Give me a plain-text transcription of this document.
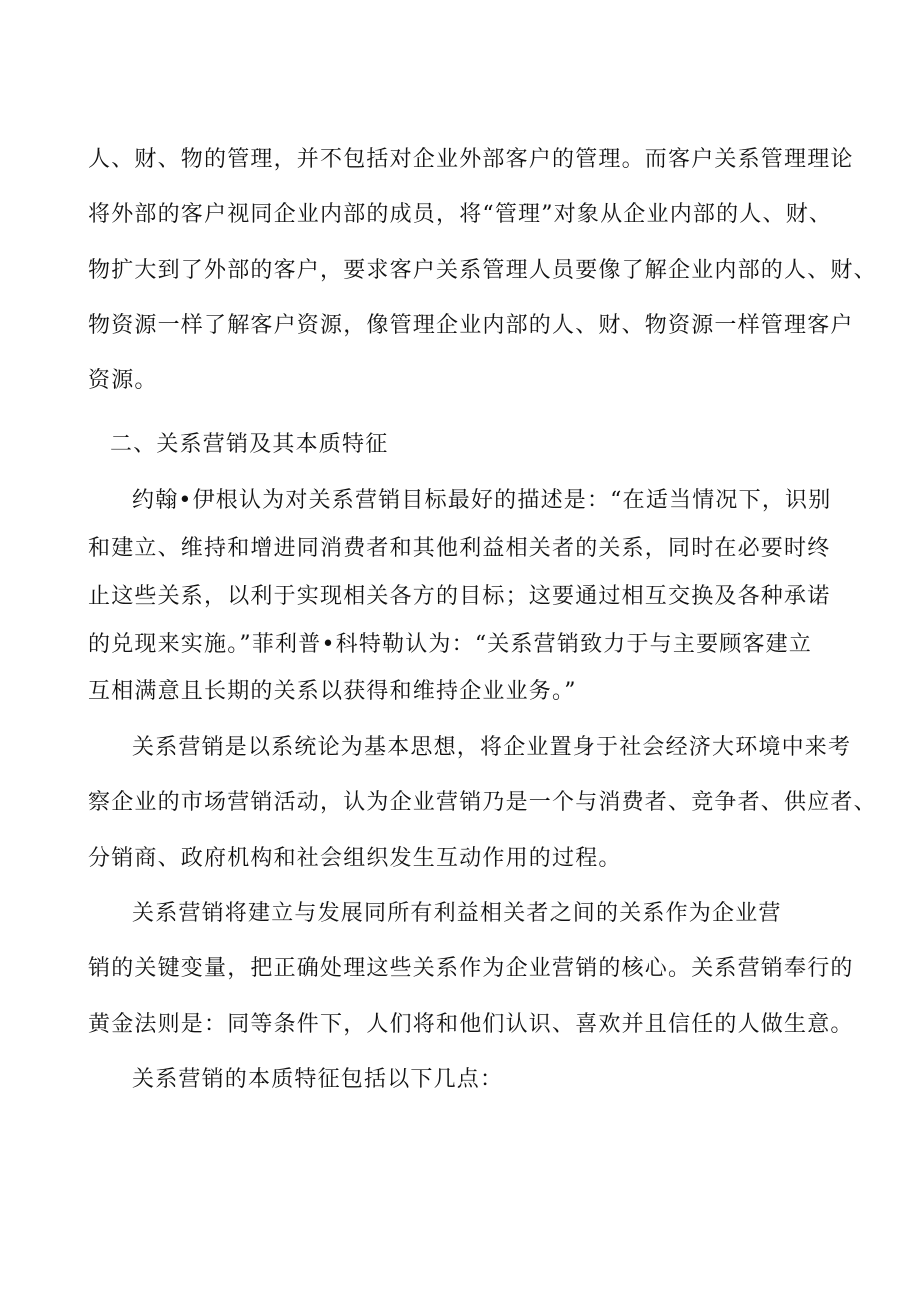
人、财、物的管理，并不包括对企业外部客户的管理。而客户关系管理理论
将外部的客户视同企业内部的成员，将“管理”对象从企业内部的人、财、
物扩大到了外部的客户，要求客户关系管理人员要像了解企业内部的人、财、
物资源一样了解客户资源，像管理企业内部的人、财、物资源一样管理客户
资源。
二、关系营销及其本质特征
约翰•伊根认为对关系营销目标最好的描述是：“在适当情况下，识别
和建立、维持和增进同消费者和其他利益相关者的关系，同时在必要时终
止这些关系，以利于实现相关各方的目标；这要通过相互交换及各种承诺
的兑现来实施。”菲利普•科特勒认为：“关系营销致力于与主要顾客建立
互相满意且长期的关系以获得和维持企业业务。”
关系营销是以系统论为基本思想，将企业置身于社会经济大环境中来考
察企业的市场营销活动，认为企业营销乃是一个与消费者、竞争者、供应者、
分销商、政府机构和社会组织发生互动作用的过程。
关系营销将建立与发展同所有利益相关者之间的关系作为企业营
销的关键变量，把正确处理这些关系作为企业营销的核心。关系营销奉行的
黄金法则是：同等条件下，人们将和他们认识、喜欢并且信任的人做生意。
关系营销的本质特征包括以下几点：
